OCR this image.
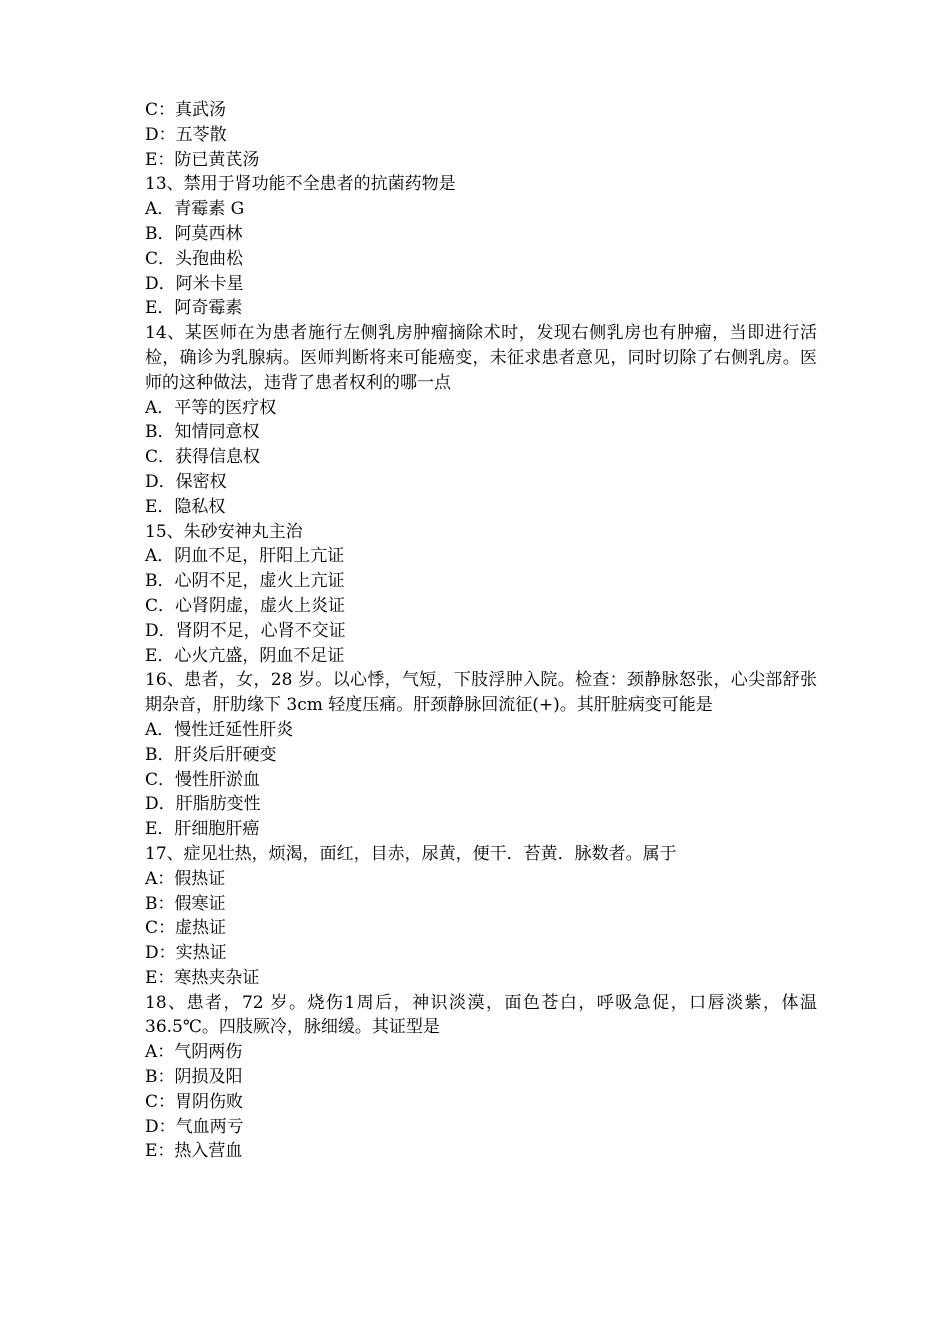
C：真武汤

D：五苓散

E：防已黄芪汤

13、禁用于肾功能不全患者的抗菌药物是

A．青霉素 G

B．阿莫西林

C．头孢曲松

D．阿米卡星

E．阿奇霉素

14、某医师在为患者施行左侧乳房肿瘤摘除术时，发现右侧乳房也有肿瘤，当即进行活检，确诊为乳腺病。医师判断将来可能癌变，未征求患者意见，同时切除了右侧乳房。医师的这种做法，违背了患者权利的哪一点

A．平等的医疗权

B．知情同意权

C．获得信息权

D．保密权

E．隐私权

15、朱砂安神丸主治

A．阴血不足，肝阳上亢证

B．心阴不足，虚火上亢证

C．心肾阴虚，虚火上炎证

D．肾阴不足，心肾不交证

E．心火亢盛，阴血不足证

16、患者，女，28 岁。以心悸，气短，下肢浮肿入院。检查：颈静脉怒张，心尖部舒张期杂音，肝肋缘下 3cm 轻度压痛。肝颈静脉回流征(+)。其肝脏病变可能是

A．慢性迁延性肝炎

B．肝炎后肝硬变

C．慢性肝淤血

D．肝脂肪变性

E．肝细胞肝癌

17、症见壮热，烦渴，面红，目赤，尿黄，便干．苔黄．脉数者。属于

A：假热证

B：假寒证

C：虚热证

D：实热证

E：寒热夹杂证

18、患者，72 岁。烧伤1周后，神识淡漠，面色苍白，呼吸急促，口唇淡紫，体温 36.5℃。四肢厥冷，脉细缓。其证型是

A：气阴两伤

B：阴损及阳

C：胃阴伤败

D：气血两亏

E：热入营血
